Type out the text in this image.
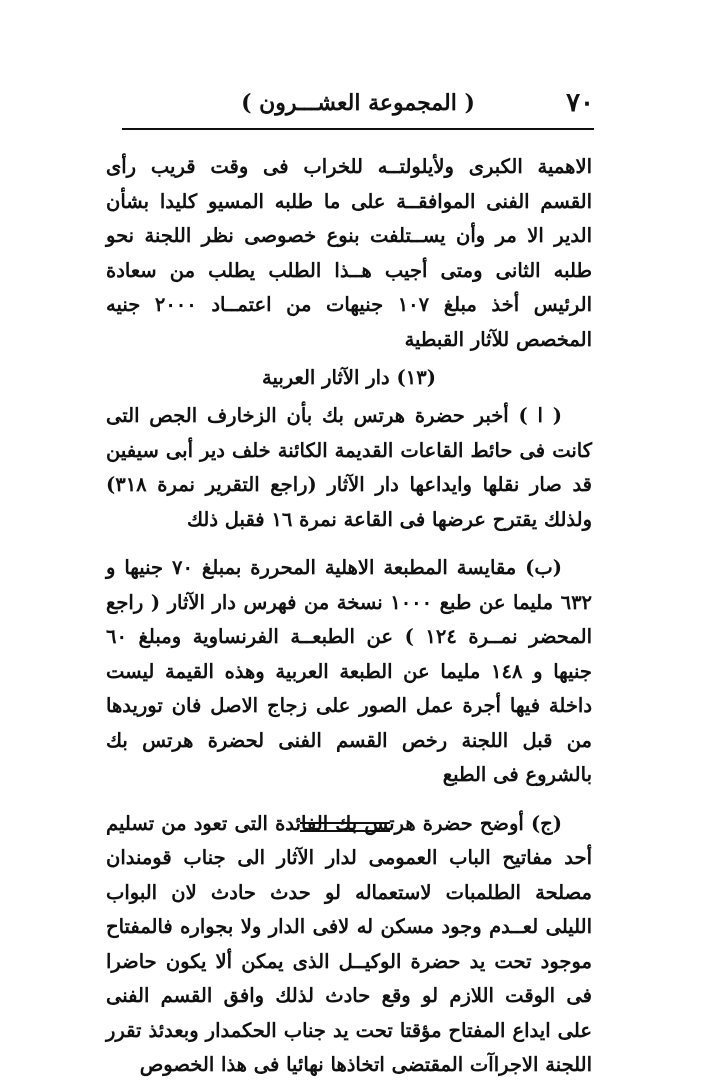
٧٠
( المجموعة العشـــرون )

الاهمية الكبرى ولأيلولتــه للخراب فى وقت قريب رأى القسم الفنى الموافقــة على ما طلبه المسيو كليدا بشأن الدير الا مر وأن يســتلفت بنوع خصوصى نظر اللجنة نحو طلبه الثانى ومتى أجيب هــذا الطلب يطلب من سعادة الرئيس أخذ مبلغ ١٠٧ جنيهات من اعتمــاد ٢٠٠٠ جنيه المخصص للآثار القبطية

(١٣) دار الآثار العربية

( ا ) أخبر حضرة هرتس بك بأن الزخارف الجص التى كانت فى حائط القاعات القديمة الكائنة خلف دير أبى سيفين قد صار نقلها وايداعها دار الآثار (راجع التقرير نمرة ٣١٨) ولذلك يقترح عرضها فى القاعة نمرة ١٦ فقبل ذلك

(ب) مقايسة المطبعة الاهلية المحررة بمبلغ ٧٠ جنيها و ٦٣٢ مليما عن طبع ١٠٠٠ نسخة من فهرس دار الآثار ( راجع المحضر نمــرة ١٢٤ ) عن الطبعــة الفرنساوية ومبلغ ٦٠ جنيها و ١٤٨ مليما عن الطبعة العربية وهذه القيمة ليست داخلة فيها أجرة عمل الصور على زجاج الاصل فان توريدها من قبل اللجنة رخص القسم الفنى لحضرة هرتس بك بالشروع فى الطبع

(ج) أوضح حضرة هرتس بك الفائدة التى تعود من تسليم أحد مفاتيح الباب العمومى لدار الآثار الى جناب قومندان مصلحة الطلمبات لاستعماله لو حدث حادث لان البواب الليلى لعــدم وجود مسكن له لافى الدار ولا بجواره فالمفتاح موجود تحت يد حضرة الوكيــل الذى يمكن ألا يكون حاضرا فى الوقت اللازم لو وقع حادث لذلك وافق القسم الفنى على ايداع المفتاح مؤقتا تحت يد جناب الحكمدار وبعدئذ تقرر اللجنة الاجراآت المقتضى اتخاذها نهائيا فى هذا الخصوص
